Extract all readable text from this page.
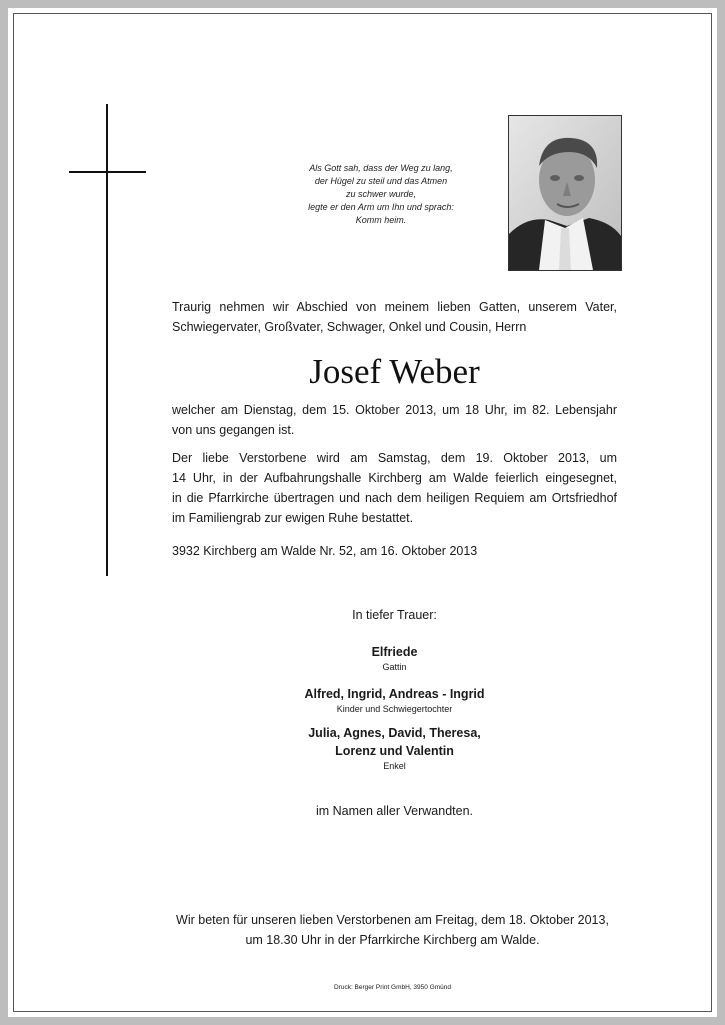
Als Gott sah, dass der Weg zu lang,
der Hügel zu steil und das Atmen
zu schwer wurde,
legte er den Arm um Ihn und sprach:
Komm heim.
Traurig nehmen wir Abschied von meinem lieben Gatten, unserem Vater,
Schwiegervater, Großvater, Schwager, Onkel und Cousin, Herrn
Josef Weber
welcher am Dienstag, dem 15. Oktober 2013, um 18 Uhr, im 82. Lebensjahr
von uns gegangen ist.
Der liebe Verstorbene wird am Samstag, dem 19. Oktober 2013, um
14 Uhr, in der Aufbahrungshalle Kirchberg am Walde feierlich eingesegnet,
in die Pfarrkirche übertragen und nach dem heiligen Requiem am Ortsfriedhof
im Familiengrab zur ewigen Ruhe bestattet.
3932 Kirchberg am Walde Nr. 52, am 16. Oktober 2013
In tiefer Trauer:
Elfriede
Gattin
Alfred, Ingrid, Andreas - Ingrid
Kinder und Schwiegertochter
Julia, Agnes, David, Theresa,
Lorenz und Valentin
Enkel
im Namen aller Verwandten.
Wir beten für unseren lieben Verstorbenen am Freitag, dem 18. Oktober 2013,
um 18.30 Uhr in der Pfarrkirche Kirchberg am Walde.
Druck: Berger Print GmbH, 3950 Gmünd
